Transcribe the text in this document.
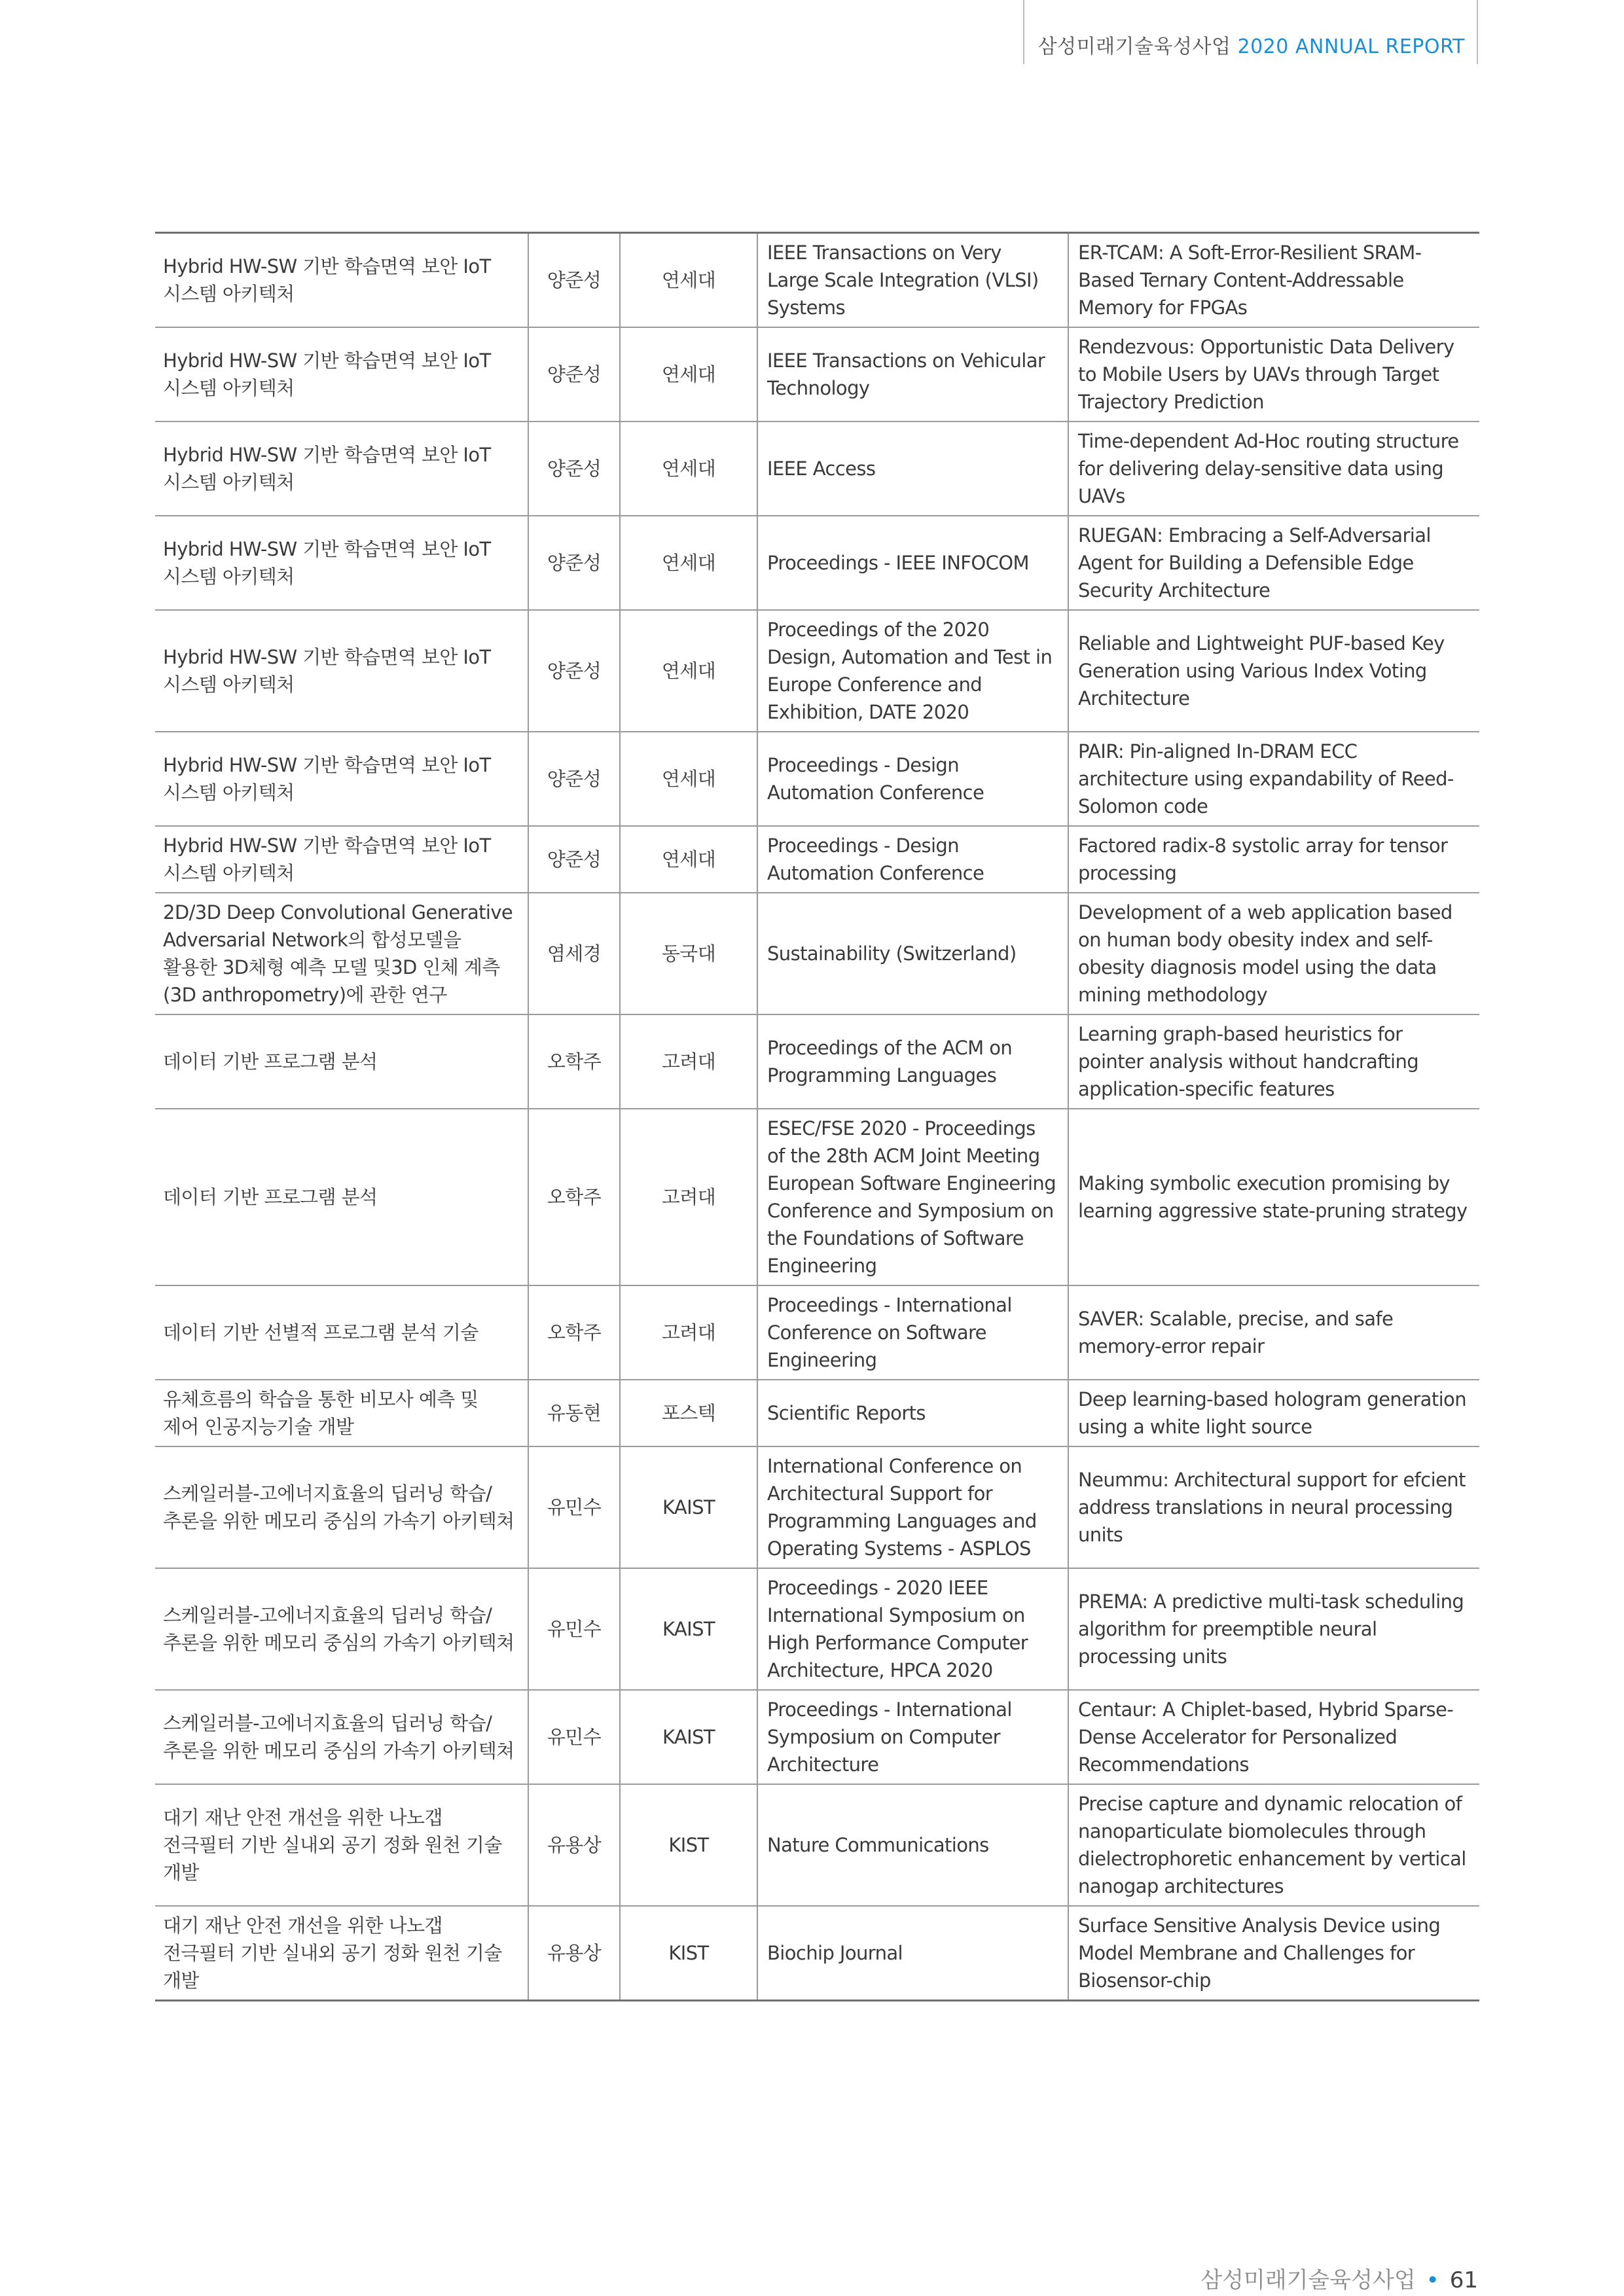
삼성미래기술육성사업 2020 ANNUAL REPORT
Hybrid HW-SW 기반 학습면역 보안 IoT 시스템 아키텍처	양준성	연세대	IEEE Transactions on Very Large Scale Integration (VLSI) Systems	ER-TCAM: A Soft-Error-Resilient SRAM-Based Ternary Content-Addressable Memory for FPGAs
Hybrid HW-SW 기반 학습면역 보안 IoT 시스템 아키텍처	양준성	연세대	IEEE Transactions on Vehicular Technology	Rendezvous: Opportunistic Data Delivery to Mobile Users by UAVs through Target Trajectory Prediction
Hybrid HW-SW 기반 학습면역 보안 IoT 시스템 아키텍처	양준성	연세대	IEEE Access	Time-dependent Ad-Hoc routing structure for delivering delay-sensitive data using UAVs
Hybrid HW-SW 기반 학습면역 보안 IoT 시스템 아키텍처	양준성	연세대	Proceedings - IEEE INFOCOM	RUEGAN: Embracing a Self-Adversarial Agent for Building a Defensible Edge Security Architecture
Hybrid HW-SW 기반 학습면역 보안 IoT 시스템 아키텍처	양준성	연세대	Proceedings of the 2020 Design, Automation and Test in Europe Conference and Exhibition, DATE 2020	Reliable and Lightweight PUF-based Key Generation using Various Index Voting Architecture
Hybrid HW-SW 기반 학습면역 보안 IoT 시스템 아키텍처	양준성	연세대	Proceedings - Design Automation Conference	PAIR: Pin-aligned In-DRAM ECC architecture using expandability of Reed-Solomon code
Hybrid HW-SW 기반 학습면역 보안 IoT 시스템 아키텍처	양준성	연세대	Proceedings - Design Automation Conference	Factored radix-8 systolic array for tensor processing
2D/3D Deep Convolutional Generative Adversarial Network의 합성모델을 활용한 3D체형 예측 모델 및3D 인체 계측(3D anthropometry)에 관한 연구	염세경	동국대	Sustainability (Switzerland)	Development of a web application based on human body obesity index and self-obesity diagnosis model using the data mining methodology
데이터 기반 프로그램 분석	오학주	고려대	Proceedings of the ACM on Programming Languages	Learning graph-based heuristics for pointer analysis without handcrafting application-specific features
데이터 기반 프로그램 분석	오학주	고려대	ESEC/FSE 2020 - Proceedings of the 28th ACM Joint Meeting European Software Engineering Conference and Symposium on the Foundations of Software Engineering	Making symbolic execution promising by learning aggressive state-pruning strategy
데이터 기반 선별적 프로그램 분석 기술	오학주	고려대	Proceedings - International Conference on Software Engineering	SAVER: Scalable, precise, and safe memory-error repair
유체흐름의 학습을 통한 비모사 예측 및 제어 인공지능기술 개발	유동현	포스텍	Scientific Reports	Deep learning-based hologram generation using a white light source
스케일러블-고에너지효율의 딥러닝 학습/추론을 위한 메모리 중심의 가속기 아키텍쳐	유민수	KAIST	International Conference on Architectural Support for Programming Languages and Operating Systems - ASPLOS	Neummu: Architectural support for efcient address translations in neural processing units
스케일러블-고에너지효율의 딥러닝 학습/추론을 위한 메모리 중심의 가속기 아키텍쳐	유민수	KAIST	Proceedings - 2020 IEEE International Symposium on High Performance Computer Architecture, HPCA 2020	PREMA: A predictive multi-task scheduling algorithm for preemptible neural processing units
스케일러블-고에너지효율의 딥러닝 학습/추론을 위한 메모리 중심의 가속기 아키텍쳐	유민수	KAIST	Proceedings - International Symposium on Computer Architecture	Centaur: A Chiplet-based, Hybrid Sparse-Dense Accelerator for Personalized Recommendations
대기 재난 안전 개선을 위한 나노갭 전극필터 기반 실내외 공기 정화 원천 기술 개발	유용상	KIST	Nature Communications	Precise capture and dynamic relocation of nanoparticulate biomolecules through dielectrophoretic enhancement by vertical nanogap architectures
대기 재난 안전 개선을 위한 나노갭 전극필터 기반 실내외 공기 정화 원천 기술 개발	유용상	KIST	Biochip Journal	Surface Sensitive Analysis Device using Model Membrane and Challenges for Biosensor-chip
삼성미래기술육성사업 • 61
